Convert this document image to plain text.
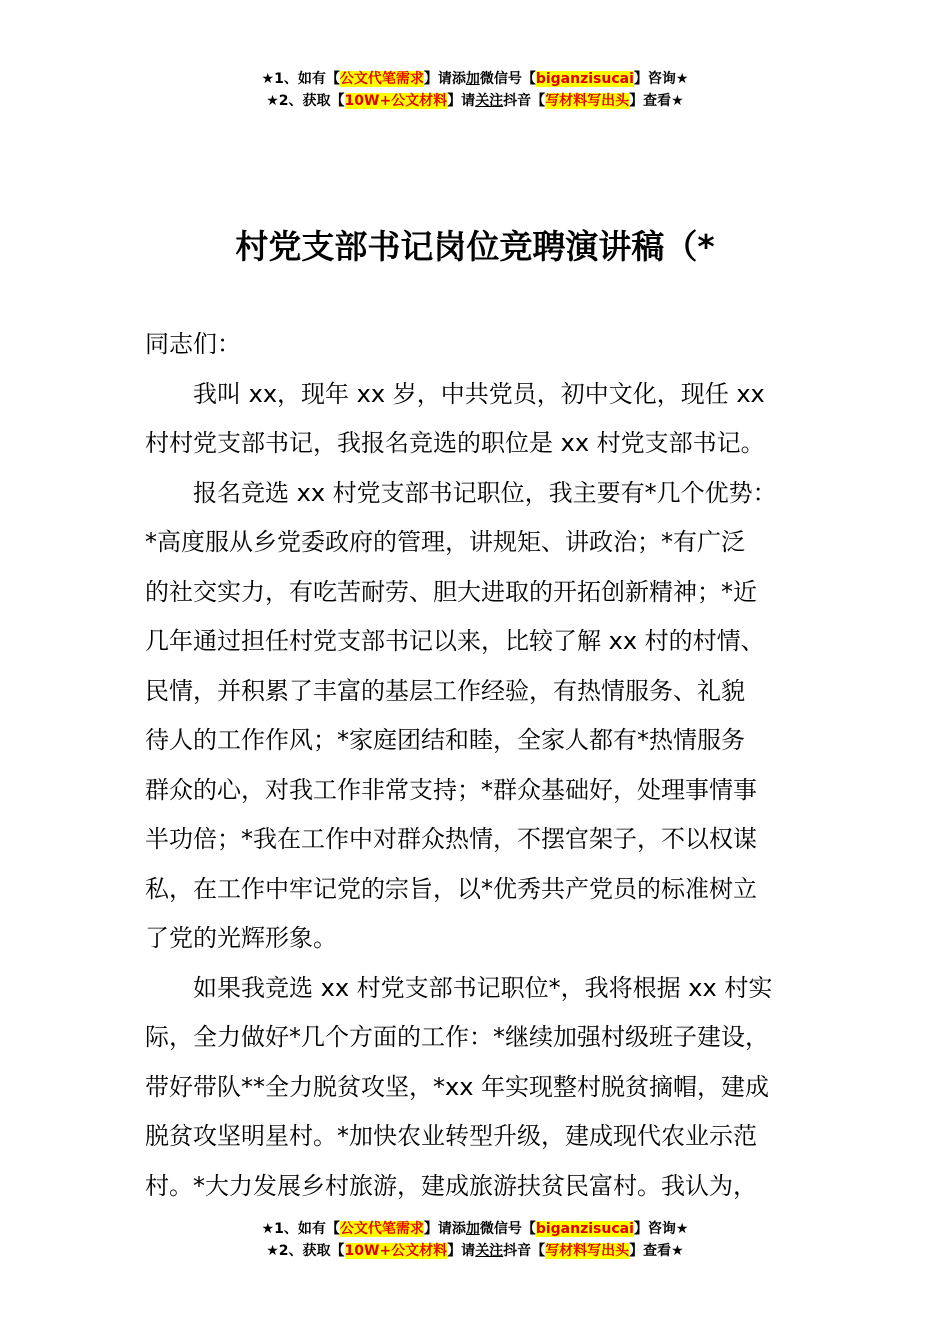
★1、如有【公文代笔需求】请添加微信号【biganzisucai】咨询★
★2、获取【10W+公文材料】请关注抖音【写材料写出头】查看★
村党支部书记岗位竞聘演讲稿（*

同志们：

我叫 xx，现年 xx 岁，中共党员，初中文化，现任 xx
村村党支部书记，我报名竞选的职位是 xx 村党支部书记。

报名竞选 xx 村党支部书记职位，我主要有*几个优势：
*高度服从乡党委政府的管理，讲规矩、讲政治；*有广泛
的社交实力，有吃苦耐劳、胆大进取的开拓创新精神；*近
几年通过担任村党支部书记以来，比较了解 xx 村的村情、
民情，并积累了丰富的基层工作经验，有热情服务、礼貌
待人的工作作风；*家庭团结和睦，全家人都有*热情服务
群众的心，对我工作非常支持；*群众基础好，处理事情事
半功倍；*我在工作中对群众热情，不摆官架子，不以权谋
私，在工作中牢记党的宗旨，以*优秀共产党员的标准树立
了党的光辉形象。

如果我竞选 xx 村党支部书记职位*，我将根据 xx 村实
际，全力做好*几个方面的工作：*继续加强村级班子建设，
带好带队**全力脱贫攻坚，*xx 年实现整村脱贫摘帽，建成
脱贫攻坚明星村。*加快农业转型升级，建成现代农业示范
村。*大力发展乡村旅游，建成旅游扶贫民富村。我认为，

★1、如有【公文代笔需求】请添加微信号【biganzisucai】咨询★
★2、获取【10W+公文材料】请关注抖音【写材料写出头】查看★
